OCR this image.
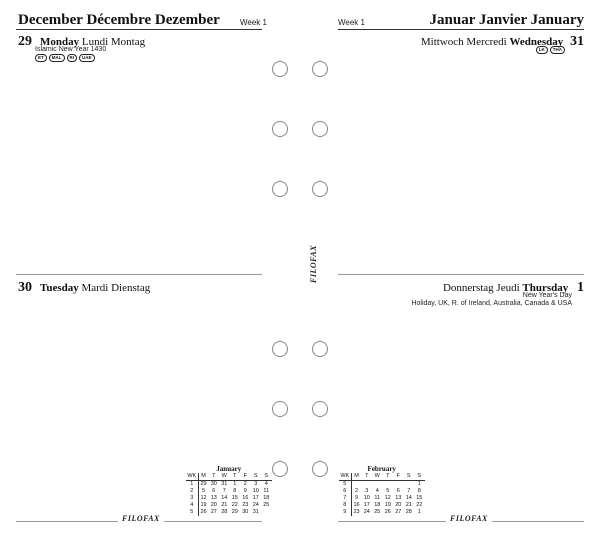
December Décembre Dezember	Week 1	Week 1	Januar Janvier January
29 Monday Lundi Montag
Islamic New Year 1430
ET	MAL	RI	UAE
Mittwoch Mercredi Wednesday 31
LK	THA
30 Tuesday Mardi Dienstag	Donnerstag Jeudi Thursday 1
New Year's Day
Holiday, UK, R. of Ireland, Australia, Canada & USA
FILOFAX
January
WK	M	T	W	T	F	S	S
1	29	30	31	1	2	3	4
2	5	6	7	8	9	10	11
3	12	13	14	15	16	17	18
4	19	20	21	22	23	24	25
5	26	27	28	29	30	31	
February
WK	M	T	W	T	F	S	S
5							1
6	2	3	4	5	6	7	8
7	9	10	11	12	13	14	15
8	16	17	18	19	20	21	22
9	23	24	25	26	27	28	1
FILOFAX	FILOFAX
